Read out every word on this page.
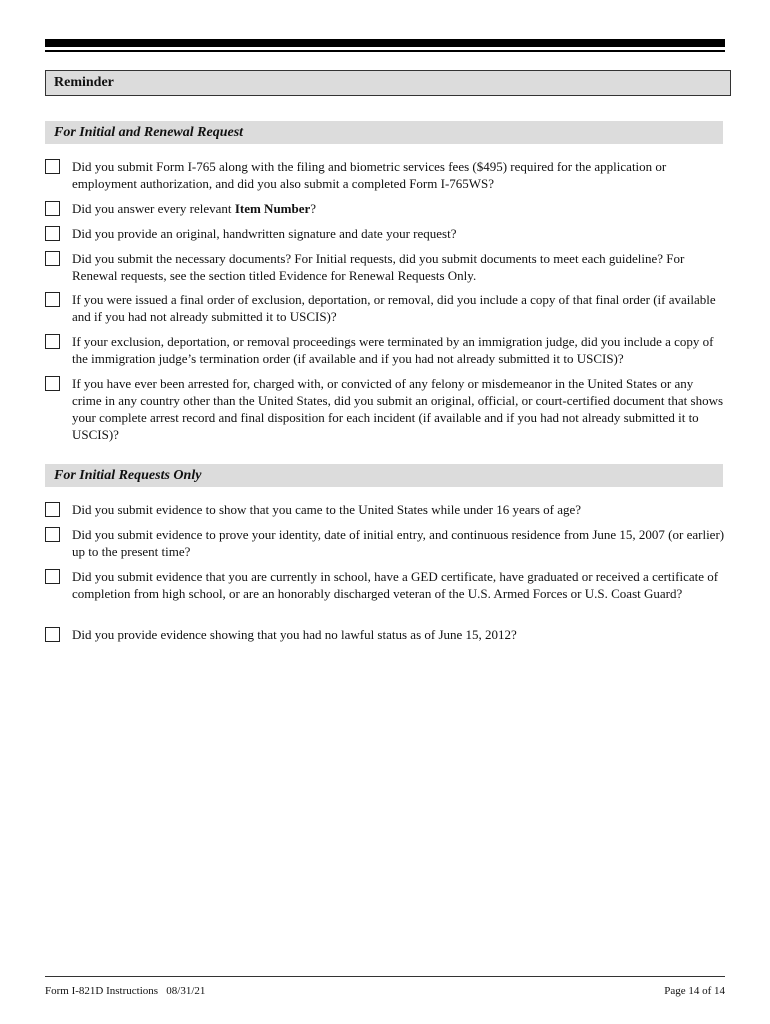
Reminder
For Initial and Renewal Request
Did you submit Form I-765 along with the filing and biometric services fees ($495) required for the application or employment authorization, and did you also submit a completed Form I-765WS?
Did you answer every relevant Item Number?
Did you provide an original, handwritten signature and date your request?
Did you submit the necessary documents? For Initial requests, did you submit documents to meet each guideline? For Renewal requests, see the section titled Evidence for Renewal Requests Only.
If you were issued a final order of exclusion, deportation, or removal, did you include a copy of that final order (if available and if you had not already submitted it to USCIS)?
If your exclusion, deportation, or removal proceedings were terminated by an immigration judge, did you include a copy of the immigration judge’s termination order (if available and if you had not already submitted it to USCIS)?
If you have ever been arrested for, charged with, or convicted of any felony or misdemeanor in the United States or any crime in any country other than the United States, did you submit an original, official, or court-certified document that shows your complete arrest record and final disposition for each incident (if available and if you had not already submitted it to USCIS)?
For Initial Requests Only
Did you submit evidence to show that you came to the United States while under 16 years of age?
Did you submit evidence to prove your identity, date of initial entry, and continuous residence from June 15, 2007 (or earlier) up to the present time?
Did you submit evidence that you are currently in school, have a GED certificate, have graduated or received a certificate of completion from high school, or are an honorably discharged veteran of the U.S. Armed Forces or U.S. Coast Guard?
Did you provide evidence showing that you had no lawful status as of June 15, 2012?
Form I-821D Instructions   08/31/21	Page 14 of 14
